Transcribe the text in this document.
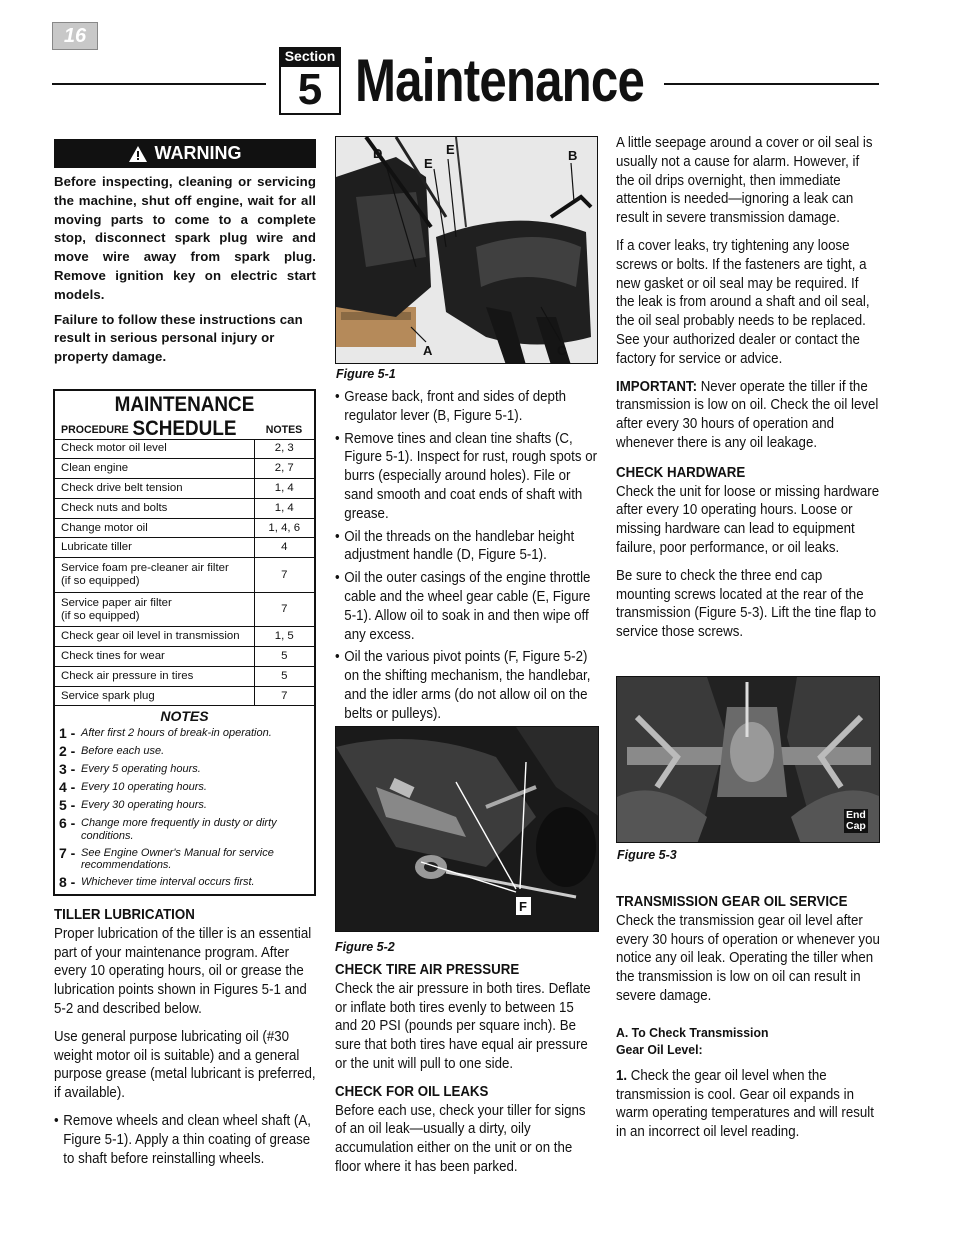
16
Section
5 Maintenance
WARNING
Before inspecting, cleaning or servicing the machine, shut off engine, wait for all moving parts to come to a complete stop, disconnect spark plug wire and move wire away from spark plug. Remove ignition key on electric start models.
Failure to follow these instructions can result in serious personal injury or property damage.
MAINTENANCE SCHEDULE
PROCEDURE	NOTES

Check motor oil level	2, 3

Clean engine	2, 7

Check drive belt tension	1, 4

Check nuts and bolts	1, 4

Change motor oil	1, 4, 6

Lubricate tiller	4

Service foam pre-cleaner air filter
(if so equipped)	7

Service paper air filter
(if so equipped)	7

Check gear oil level in transmission	1, 5

Check tines for wear	5

Check air pressure in tires	5

Service spark plug	7
NOTES
1 - After first 2 hours of break-in operation.
2 - Before each use.
3 - Every 5 operating hours.
4 - Every 10 operating hours.
5 - Every 30 operating hours.
6 - Change more frequently in dusty or dirty conditions.
7 - See Engine Owner's Manual for service recommendations.
8 - Whichever time interval occurs first.
TILLER LUBRICATION
Proper lubrication of the tiller is an essential part of your maintenance program. After every 10 operating hours, oil or grease the lubrication points shown in Figures 5-1 and 5-2 and described below.
Use general purpose lubricating oil (#30 weight motor oil is suitable) and a general purpose grease (metal lubricant is preferred, if available).
• Remove wheels and clean wheel shaft (A, Figure 5-1). Apply a thin coating of grease to shaft before reinstalling wheels.
D	E
E
B
A	C
Figure 5-1
• Grease back, front and sides of depth regulator lever (B, Figure 5-1).
• Remove tines and clean tine shafts (C, Figure 5-1). Inspect for rust, rough spots or burrs (especially around holes). File or sand smooth and coat ends of shaft with grease.
• Oil the threads on the handlebar height adjustment handle (D, Figure 5-1).
• Oil the outer casings of the engine throttle cable and the wheel gear cable (E, Figure 5-1). Allow oil to soak in and then wipe off any excess.
• Oil the various pivot points (F, Figure 5-2) on the shifting mechanism, the handlebar, and the idler arms (do not allow oil on the belts or pulleys).
F
Figure 5-2
CHECK TIRE AIR PRESSURE
Check the air pressure in both tires. Deflate or inflate both tires evenly to between 15 and 20 PSI (pounds per square inch). Be sure that both tires have equal air pressure or the unit will pull to one side.
CHECK FOR OIL LEAKS
Before each use, check your tiller for signs of an oil leak—usually a dirty, oily accumulation either on the unit or on the floor where it has been parked.
A little seepage around a cover or oil seal is usually not a cause for alarm. However, if the oil drips overnight, then immediate attention is needed—ignoring a leak can result in severe transmission damage.
If a cover leaks, try tightening any loose screws or bolts. If the fasteners are tight, a new gasket or oil seal may be required. If the leak is from around a shaft and oil seal, the oil seal probably needs to be replaced. See your authorized dealer or contact the factory for service or advice.
IMPORTANT: Never operate the tiller if the transmission is low on oil. Check the oil level after every 30 hours of operation and whenever there is any oil leakage.
CHECK HARDWARE
Check the unit for loose or missing hardware after every 10 operating hours. Loose or missing hardware can lead to equipment failure, poor performance, or oil leaks.
Be sure to check the three end cap mounting screws located at the rear of the transmission (Figure 5-3). Lift the tine flap to service those screws.
End
Cap
Figure 5-3
TRANSMISSION GEAR OIL SERVICE
Check the transmission gear oil level after every 30 hours of operation or whenever you notice any oil leak. Operating the tiller when the transmission is low on oil can result in severe damage.
A. To Check Transmission
Gear Oil Level:
1. Check the gear oil level when the transmission is cool. Gear oil expands in warm operating temperatures and will result in an incorrect oil level reading.
